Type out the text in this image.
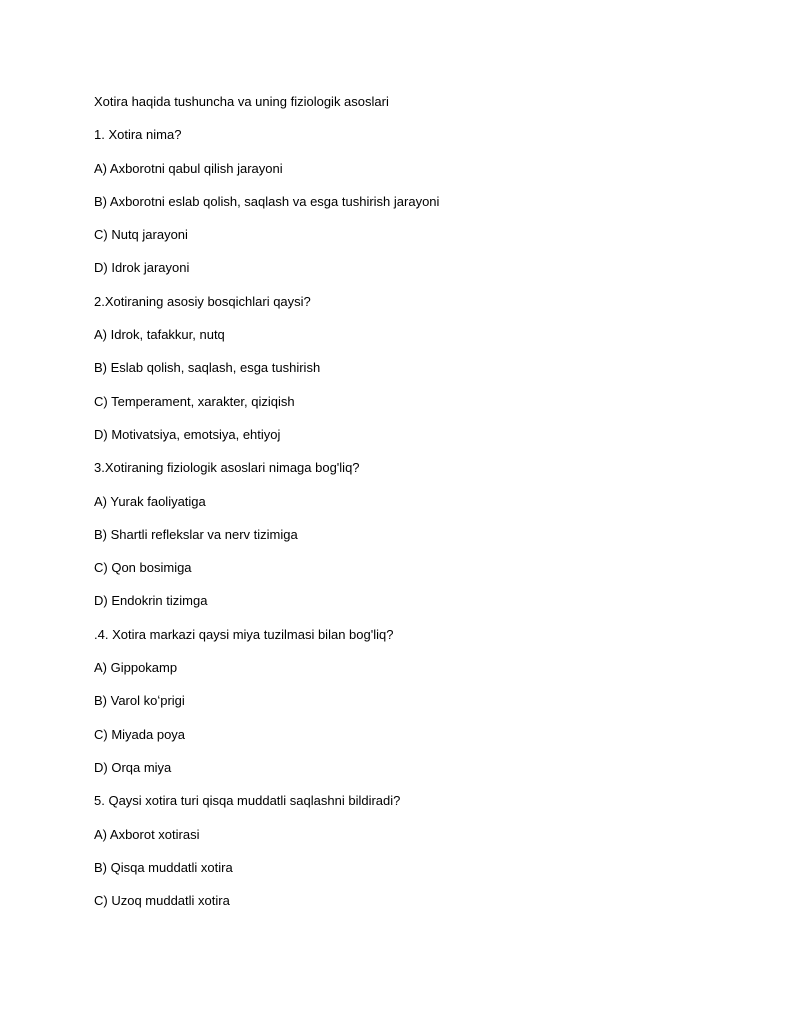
Xotira haqida tushuncha va uning fiziologik asoslari
1. Xotira nima?
A) Axborotni qabul qilish jarayoni
B) Axborotni eslab qolish, saqlash va esga tushirish jarayoni
C) Nutq jarayoni
D) Idrok jarayoni
2.Xotiraning asosiy bosqichlari qaysi?
A) Idrok, tafakkur, nutq
B) Eslab qolish, saqlash, esga tushirish
C) Temperament, xarakter, qiziqish
D) Motivatsiya, emotsiya, ehtiyoj
3.Xotiraning fiziologik asoslari nimaga bog'liq?
A) Yurak faoliyatiga
B) Shartli reflekslar va nerv tizimiga
C) Qon bosimiga
D) Endokrin tizimga
.4. Xotira markazi qaysi miya tuzilmasi bilan bog'liq?
A) Gippokamp
B) Varol koʻprigi
C) Miyada poya
D) Orqa miya
5. Qaysi xotira turi qisqa muddatli saqlashni bildiradi?
A) Axborot xotirasi
B) Qisqa muddatli xotira
C) Uzoq muddatli xotira
